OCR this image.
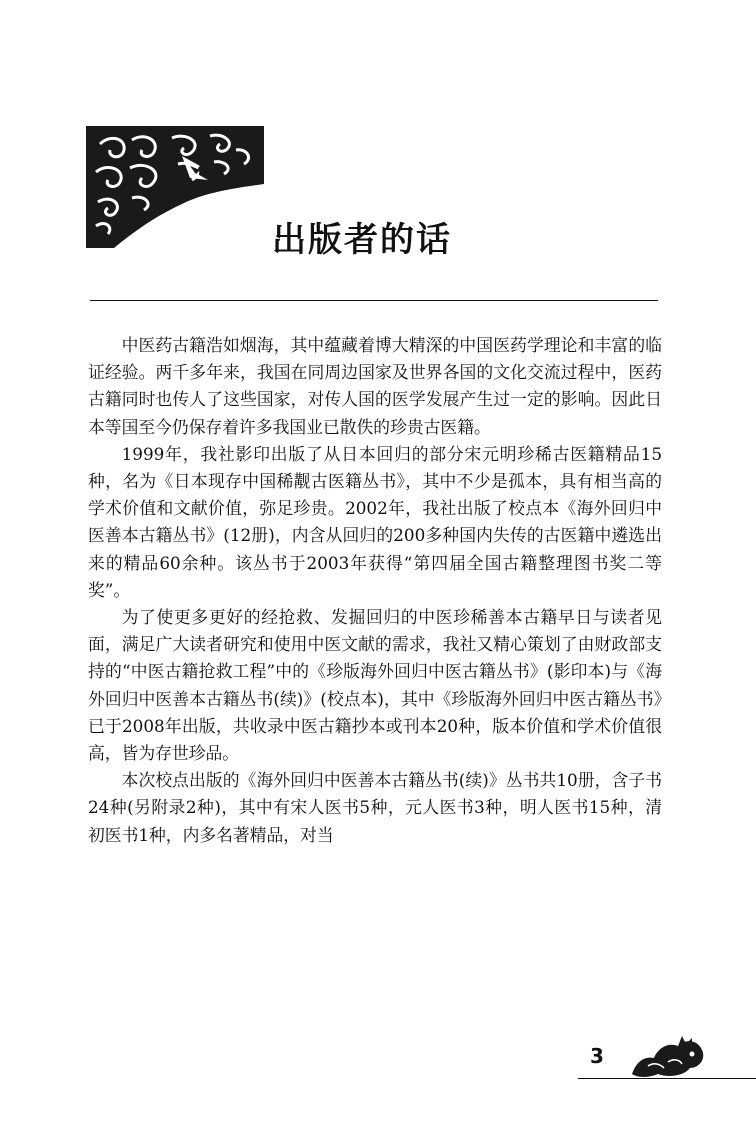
出版者的话

中医药古籍浩如烟海，其中蕴藏着博大精深的中国医药学理论和丰富的临证经验。两千多年来，我国在同周边国家及世界各国的文化交流过程中，医药古籍同时也传人了这些国家，对传人国的医学发展产生过一定的影响。因此日本等国至今仍保存着许多我国业已散佚的珍贵古医籍。

1999年，我社影印出版了从日本回归的部分宋元明珍稀古医籍精品15种，名为《日本现存中国稀觏古医籍丛书》，其中不少是孤本，具有相当高的学术价值和文献价值，弥足珍贵。2002年，我社出版了校点本《海外回归中医善本古籍丛书》(12册)，内含从回归的200多种国内失传的古医籍中遴选出来的精品60余种。该丛书于2003年获得“第四届全国古籍整理图书奖二等奖”。

为了使更多更好的经抢救、发掘回归的中医珍稀善本古籍早日与读者见面，满足广大读者研究和使用中医文献的需求，我社又精心策划了由财政部支持的“中医古籍抢救工程”中的《珍版海外回归中医古籍丛书》(影印本)与《海外回归中医善本古籍丛书(续)》(校点本)，其中《珍版海外回归中医古籍丛书》已于2008年出版，共收录中医古籍抄本或刊本20种，版本价值和学术价值很高，皆为存世珍品。

本次校点出版的《海外回归中医善本古籍丛书(续)》丛书共10册，含子书24种(另附录2种)，其中有宋人医书5种，元人医书3种，明人医书15种，清初医书1种，内多名著精品，对当

3
